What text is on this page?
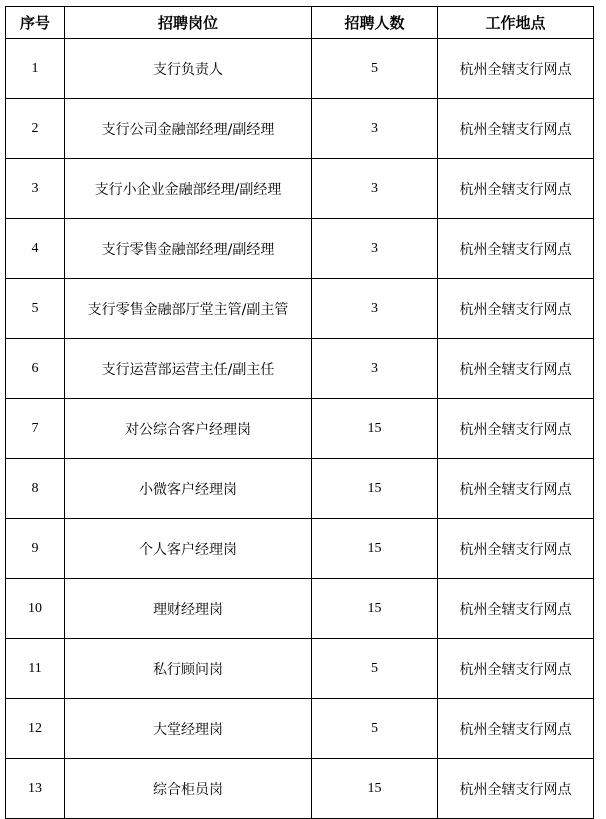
序号	招聘岗位	招聘人数	工作地点
1	支行负责人	5	杭州全辖支行网点
2	支行公司金融部经理/副经理	3	杭州全辖支行网点
3	支行小企业金融部经理/副经理	3	杭州全辖支行网点
4	支行零售金融部经理/副经理	3	杭州全辖支行网点
5	支行零售金融部厅堂主管/副主管	3	杭州全辖支行网点
6	支行运营部运营主任/副主任	3	杭州全辖支行网点
7	对公综合客户经理岗	15	杭州全辖支行网点
8	小微客户经理岗	15	杭州全辖支行网点
9	个人客户经理岗	15	杭州全辖支行网点
10	理财经理岗	15	杭州全辖支行网点
11	私行顾问岗	5	杭州全辖支行网点
12	大堂经理岗	5	杭州全辖支行网点
13	综合柜员岗	15	杭州全辖支行网点
